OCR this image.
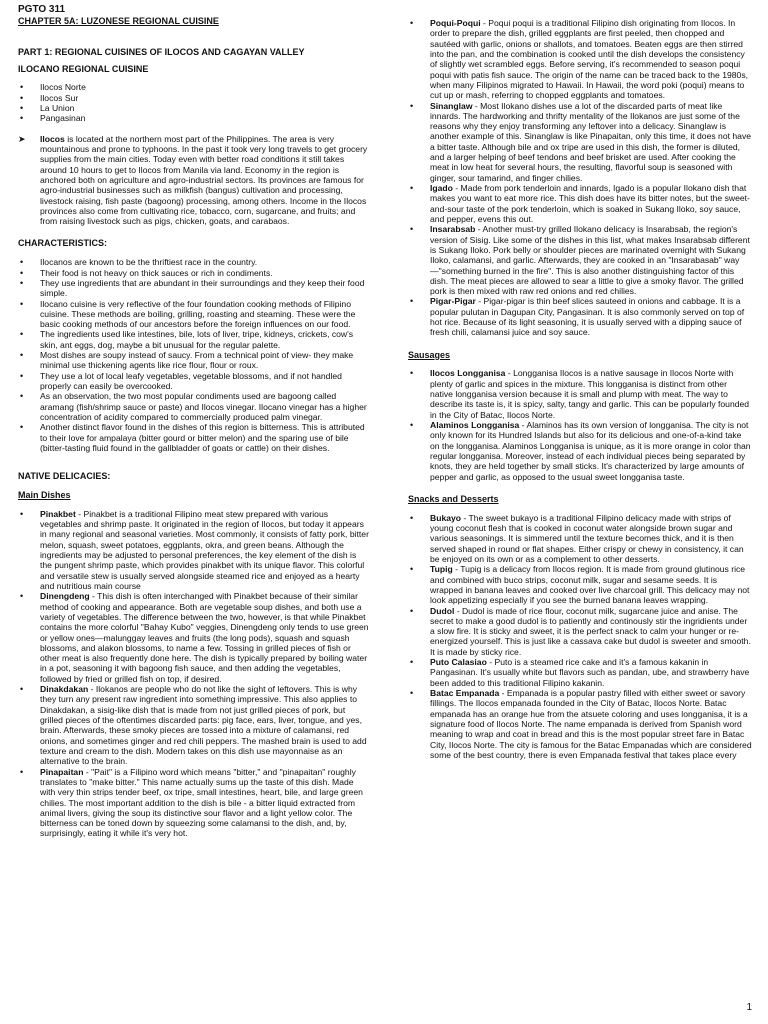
PGTO 311
CHAPTER 5A: LUZONESE REGIONAL CUISINE
PART 1: REGIONAL CUISINES OF ILOCOS AND CAGAYAN VALLEY
ILOCANO REGIONAL CUISINE
• Ilocos Norte
• Ilocos Sur
• La Union
• Pangasinan
➤ Ilocos is located at the northern most part of the Philippines. The area is very mountainous and prone to typhoons. In the past it took very long travels to get grocery supplies from the main cities. Today even with better road conditions it still takes around 10 hours to get to Ilocos from Manila via land. Economy in the region is anchored both on agriculture and agro-industrial sectors. Its provinces are famous for agro-industrial businesses such as milkfish (bangus) cultivation and processing, livestock raising, fish paste (bagoong) processing, among others. Income in the Ilocos provinces also come from cultivating rice, tobacco, corn, sugarcane, and fruits; and from raising livestock such as pigs, chicken, goats, and carabaos.
CHARACTERISTICS:
• Ilocanos are known to be the thriftiest race in the country.
• Their food is not heavy on thick sauces or rich in condiments.
• They use ingredients that are abundant in their surroundings and they keep their food simple.
• Ilocano cuisine is very reflective of the four foundation cooking methods of Filipino cuisine. These methods are boiling, grilling, roasting and steaming. These were the basic cooking methods of our ancestors before the foreign influences on our food.
• The ingredients used like intestines, bile, lots of liver, tripe, kidneys, crickets, cow's skin, ant eggs, dog, maybe a bit unusual for the regular palette.
• Most dishes are soupy instead of saucy. From a technical point of view- they make minimal use thickening agents like rice flour, flour or roux.
• They use a lot of local leafy vegetables, vegetable blossoms, and if not handled properly can easily be overcooked.
• As an observation, the two most popular condiments used are bagoong called aramang (fish/shrimp sauce or paste) and Ilocos vinegar. Ilocano vinegar has a higher concentration of acidity compared to commercially produced palm vinegar.
• Another distinct flavor found in the dishes of this region is bitterness. This is attributed to their love for ampalaya (bitter gourd or bitter melon) and the sparing use of bile (bitter-tasting fluid found in the gallbladder of goats or cattle) on their dishes.
NATIVE DELICACIES:
Main Dishes
• Pinakbet - Pinakbet is a traditional Filipino meat stew prepared with various vegetables and shrimp paste. It originated in the region of Ilocos, but today it appears in many regional and seasonal varieties. Most commonly, it consists of fatty pork, bitter melon, squash, sweet potatoes, eggplants, okra, and green beans. Although the ingredients may be adjusted to personal preferences, the key element of the dish is the pungent shrimp paste, which provides pinakbet with its unique flavor. This colorful and versatile stew is usually served alongside steamed rice and enjoyed as a hearty and nutritious main course
• Dinengdeng - This dish is often interchanged with Pinakbet because of their similar method of cooking and appearance. Both are vegetable soup dishes, and both use a variety of vegetables. The difference between the two, however, is that while Pinakbet contains the more colorful "Bahay Kubo" veggies, Dinengdeng only tends to use green or yellow ones—malunggay leaves and fruits (the long pods), squash and squash blossoms, and alakon blossoms, to name a few. Tossing in grilled pieces of fish or other meat is also frequently done here. The dish is typically prepared by boiling water in a pot, seasoning it with bagoong fish sauce, and then adding the vegetables, followed by fried or grilled fish on top, if desired.
• Dinakdakan - Ilokanos are people who do not like the sight of leftovers. This is why they turn any present raw ingredient into something impressive. This also applies to Dinakdakan, a sisig-like dish that is made from not just grilled pieces of pork, but grilled pieces of the oftentimes discarded parts: pig face, ears, liver, tongue, and yes, brain. Afterwards, these smoky pieces are tossed into a mixture of calamansi, red onions, and sometimes ginger and red chili peppers. The mashed brain is used to add texture and cream to the dish. Modern takes on this dish use mayonnaise as an alternative to the brain.
• Pinapaitan - "Pait" is a Filipino word which means "bitter," and "pinapaitan" roughly translates to "make bitter." This name actually sums up the taste of this dish. Made with very thin strips tender beef, ox tripe, small intestines, heart, bile, and large green chilies. The most important addition to the dish is bile - a bitter liquid extracted from animal livers, giving the soup its distinctive sour flavor and a light yellow color. The bitterness can be toned down by squeezing some calamansi to the dish, and, by, surprisingly, eating it while it's very hot.
• Poqui-Poqui - Poqui poqui is a traditional Filipino dish originating from Ilocos. In order to prepare the dish, grilled eggplants are first peeled, then chopped and sautéed with garlic, onions or shallots, and tomatoes. Beaten eggs are then stirred into the pan, and the combination is cooked until the dish develops the consistency of slightly wet scrambled eggs. Before serving, it's recommended to season poqui poqui with patis fish sauce. The origin of the name can be traced back to the 1980s, when many Filipinos migrated to Hawaii. In Hawaii, the word poki (poqui) means to cut up or mash, referring to chopped eggplants and tomatoes.
• Sinanglaw - Most Ilokano dishes use a lot of the discarded parts of meat like innards. The hardworking and thrifty mentality of the Ilokanos are just some of the reasons why they enjoy transforming any leftover into a delicacy. Sinanglaw is another example of this. Sinanglaw is like Pinapaitan, only this time, it does not have a bitter taste. Although bile and ox tripe are used in this dish, the former is diluted, and a larger helping of beef tendons and beef brisket are used. After cooking the meat in low heat for several hours, the resulting, flavorful soup is seasoned with ginger, sour tamarind, and finger chilies.
• Igado - Made from pork tenderloin and innards, Igado is a popular Ilokano dish that makes you want to eat more rice. This dish does have its bitter notes, but the sweet-and-sour taste of the pork tenderloin, which is soaked in Sukang Iloko, soy sauce, and pepper, evens this out.
• Insarabsab - Another must-try grilled Ilokano delicacy is Insarabsab, the region's version of Sisig. Like some of the dishes in this list, what makes Insarabsab different is Sukang Iloko. Pork belly or shoulder pieces are marinated overnight with Sukang Iloko, calamansi, and garlic. Afterwards, they are cooked in an "Insarabasab" way—"something burned in the fire". This is also another distinguishing factor of this dish. The meat pieces are allowed to sear a little to give a smoky flavor. The grilled pork is then mixed with raw red onions and red chilies.
• Pigar-Pigar - Pigar-pigar is thin beef slices sauteed in onions and cabbage. It is a popular pulutan in Dagupan City, Pangasinan. It is also commonly served on top of hot rice. Because of its light seasoning, it is usually served with a dipping sauce of fresh chili, calamansi juice and soy sauce.
Sausages
• Ilocos Longganisa - Longganisa Ilocos is a native sausage in Ilocos Norte with plenty of garlic and spices in the mixture. This longganisa is distinct from other native longganisa version because it is small and plump with meat. The way to describe its taste is, it is spicy, salty, tangy and garlic. This can be popularly founded in the City of Batac, Ilocos Norte.
• Alaminos Longganisa - Alaminos has its own version of longganisa. The city is not only known for its Hundred Islands but also for its delicious and one-of-a-kind take on the longganisa. Alaminos Longganisa is unique, as it is more orange in color than regular longganisa. Moreover, instead of each individual pieces being separated by knots, they are held together by small sticks. It's characterized by large amounts of pepper and garlic, as opposed to the usual sweet longganisa taste.
Snacks and Desserts
• Bukayo - The sweet bukayo is a traditional Filipino delicacy made with strips of young coconut flesh that is cooked in coconut water alongside brown sugar and various seasonings. It is simmered until the texture becomes thick, and it is then served shaped in round or flat shapes. Either crispy or chewy in consistency, it can be enjoyed on its own or as a complement to other desserts.
• Tupig - Tupig is a delicacy from Ilocos region. It is made from ground glutinous rice and combined with buco strips, coconut milk, sugar and sesame seeds. It is wrapped in banana leaves and cooked over live charcoal grill. This delicacy may not look appetizing especially if you see the burned banana leaves wrapping.
• Dudol - Dudol is made of rice flour, coconut milk, sugarcane juice and anise. The secret to make a good dudol is to patiently and continously stir the ingridients under a slow fire. It is sticky and sweet, it is the perfect snack to calm your hunger or re-energized yourself. This is just like a cassava cake but dudol is sweeter and smooth. It is made by sticky rice.
• Puto Calasiao - Puto is a steamed rice cake and it's a famous kakanin in Pangasinan. It's usually white but flavors such as pandan, ube, and strawberry have been added to this traditional Filipino kakanin.
• Batac Empanada - Empanada is a popular pastry filled with either sweet or savory fillings. The Ilocos empanada founded in the City of Batac, Ilocos Norte. Batac empanada has an orange hue from the atsuete coloring and uses longganisa, it is a signature food of Ilocos Norte. The name empanada is derived from Spanish word meaning to wrap and coat in bread and this is the most popular street fare in Batac City, Ilocos Norte. The city is famous for the Batac Empanadas which are considered some of the best country, there is even Empanada festival that takes place every
1
